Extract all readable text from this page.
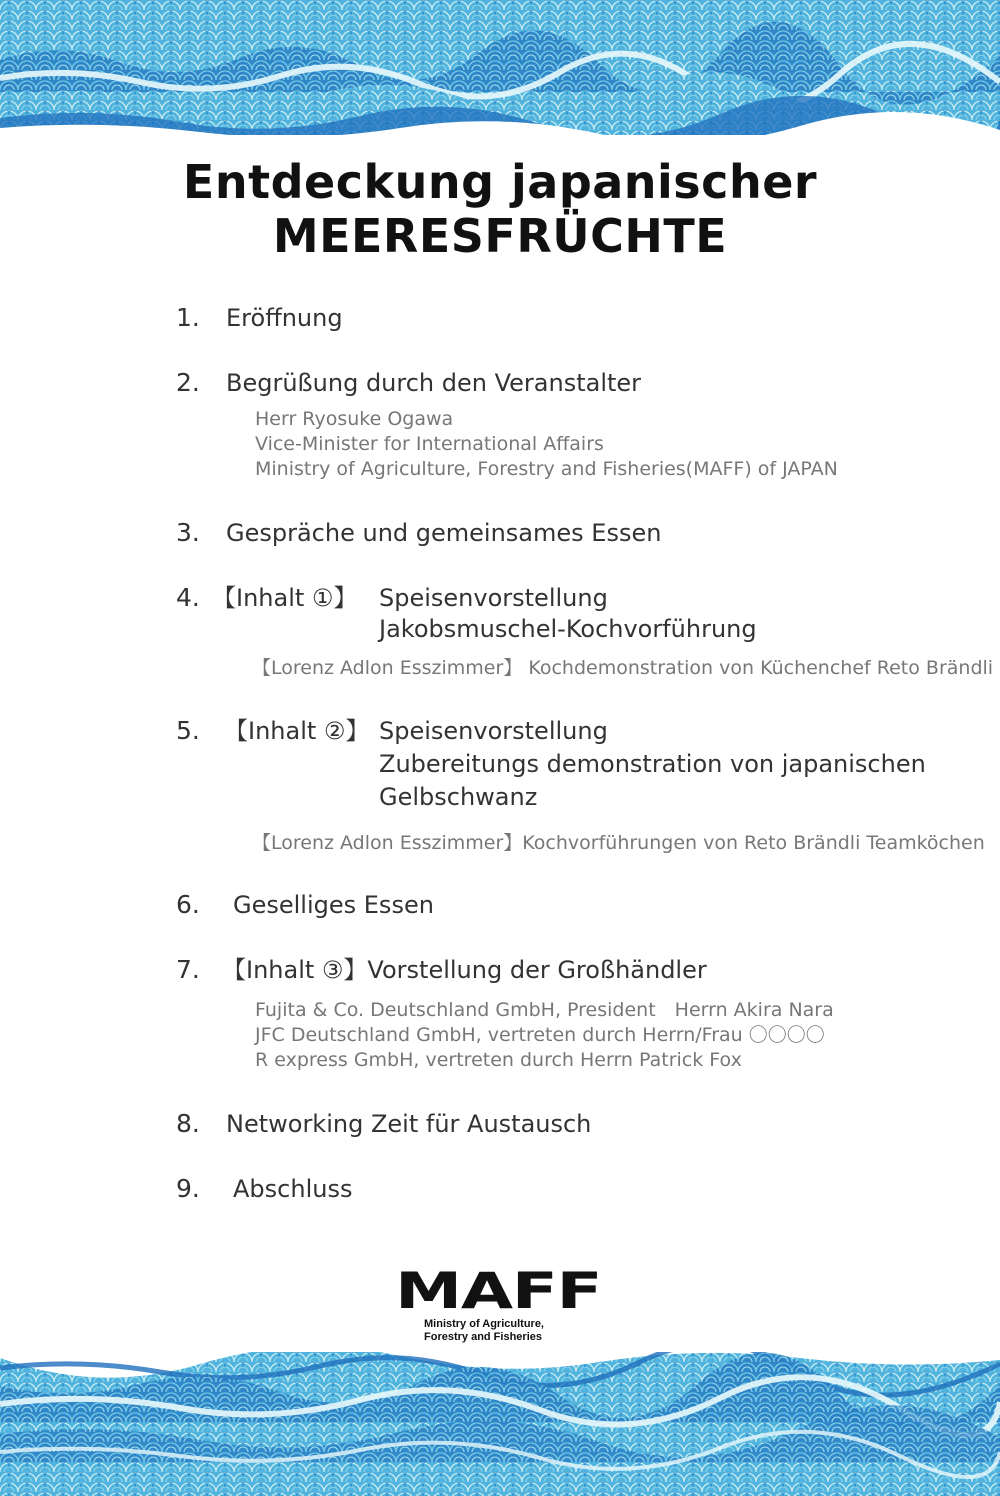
Entdeckung japanischer
MEERESFRÜCHTE
1. Eröffnung
2. Begrüßung durch den Veranstalter
Herr Ryosuke Ogawa
Vice-Minister for International Affairs
Ministry of Agriculture, Forestry and Fisheries(MAFF) of JAPAN
3. Gespräche und gemeinsames Essen
4. 【Inhalt ①】 Speisenvorstellung
Jakobsmuschel-Kochvorführung
【Lorenz Adlon Esszimmer】 Kochdemonstration von Küchenchef Reto Brändli
5. 【Inhalt ②】 Speisenvorstellung
Zubereitungs demonstration von japanischen
Gelbschwanz
【Lorenz Adlon Esszimmer】Kochvorführungen von Reto Brändli Teamköchen
6. Geselliges Essen
7. 【Inhalt ③】Vorstellung der Großhändler
Fujita & Co. Deutschland GmbH, President　Herrn Akira Nara
JFC Deutschland GmbH, vertreten durch Herrn/Frau 〇〇〇〇
R express GmbH, vertreten durch Herrn Patrick Fox
8. Networking Zeit für Austausch
9. Abschluss
MAFF
Ministry of Agriculture,
Forestry and Fisheries
